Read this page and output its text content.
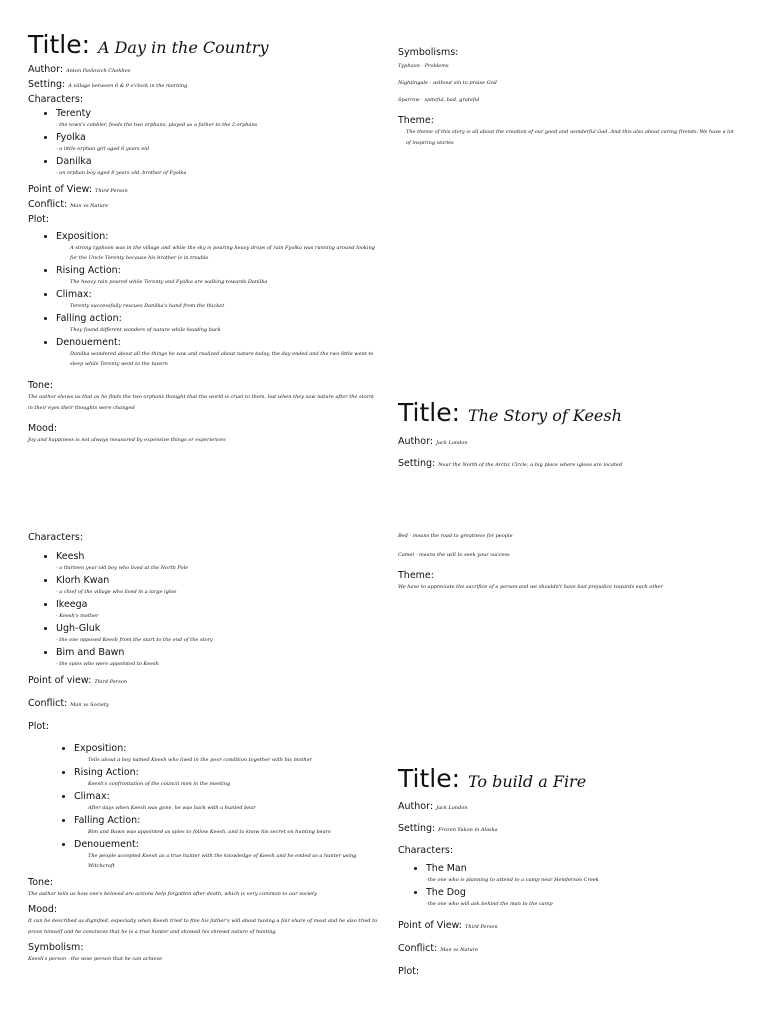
Title: A Day in the Country
Author: Anton Pavlovich Chekhov
Setting: A village between 6 & 9 o'clock in the morning
Characters:
• Terenty
- the town's cobbler, feeds the two orphans, played as a father to the 2 orphans
• Fyolka
- a little orphan girl aged 6 years old
• Danilka
- an orphan boy aged 8 years old, brother of Fyolka
Point of View: Third Person
Conflict: Man vs Nature
Plot:
• Exposition:
A strong typhoon was in the village and while the sky is pouring heavy drops of rain Fyolka was running around looking for the Uncle Terenty because his brother is in trouble
• Rising Action:
The heavy rain poured while Terenty and Fyolka are walking towards Danilka
• Climax:
Terenty successfully rescues Danilka's hand from the thicket
• Falling action:
They found different wonders of nature while heading back
• Denouement:
Danilka wondered about all the things he saw and realized about nature today, the day ended and the two little went to sleep while Terenty went to the tavern
Tone:
The author shows us that as he finds the two orphans thought that the world is cruel to them, but when they saw nature after the storm in their eyes their thoughts were changed
Mood:
Joy and happiness is not always measured by expensive things or experiences
Symbolisms:
Typhoon - Problems
Nightingale - without sin to praise God
Sparrow - spiteful, bad, grateful
Theme:
The theme of this story is all about the creation of our good and wonderful God. And this also about caring friends. We have a lot of inspiring stories
Title: The Story of Keesh
Author: Jack London
Setting: Near the North of the Arctic Circle, a big place where igloos are located
Characters:
• Keesh
- a thirteen year old boy who lived at the North Pole
• Klorh Kwan
- a chief of the village who lived in a large igloo
• Ikeega
- Keesh's mother
• Ugh-Gluk
- the one opposed Keesh from the start to the end of the story
• Bim and Bawn
- the spies who were appointed to Keesh
Point of view: Third Person
Conflict: Man vs Society
Plot:
• Exposition:
Tells about a boy named Keesh who lived in the poor condition together with his mother
• Rising Action:
Keesh's confrontation of the council men in the meeting
• Climax:
After days when Keesh was gone, he was back with a hunted bear
• Falling Action:
Bim and Bawn was appointed as spies to follow Keesh, and to know his secret on hunting bears
• Denouement:
The people accepted Keesh as a true hunter with the knowledge of Keesh and he ended as a hunter using Witchcraft
Tone:
The author tells us how one's beloved are actions help forgotten after death, which is very common to our society
Mood:
It can be described as dignified, especially when Keesh tried to fine his father's will about having a fair share of meat and he also tried to prove himself and he convinces that he is a true hunter and showed his shrewd nature of hunting
Symbolism:
Keesh's person - the wise person that he can achieve
Bed - means the road to greatness for people
Camel - means the will to seek your success
Theme:
We have to appreciate the sacrifice of a person and we shouldn't have bad prejudice towards each other
Title: To build a Fire
Author: Jack London
Setting: Frozen Yukon in Alaska
Characters:
• The Man
-the one who is planning to attend to a camp near Henderson Creek
• The Dog
-the one who will ask behind the man to the camp
Point of View: Third Person
Conflict: Man vs Nature
Plot:
